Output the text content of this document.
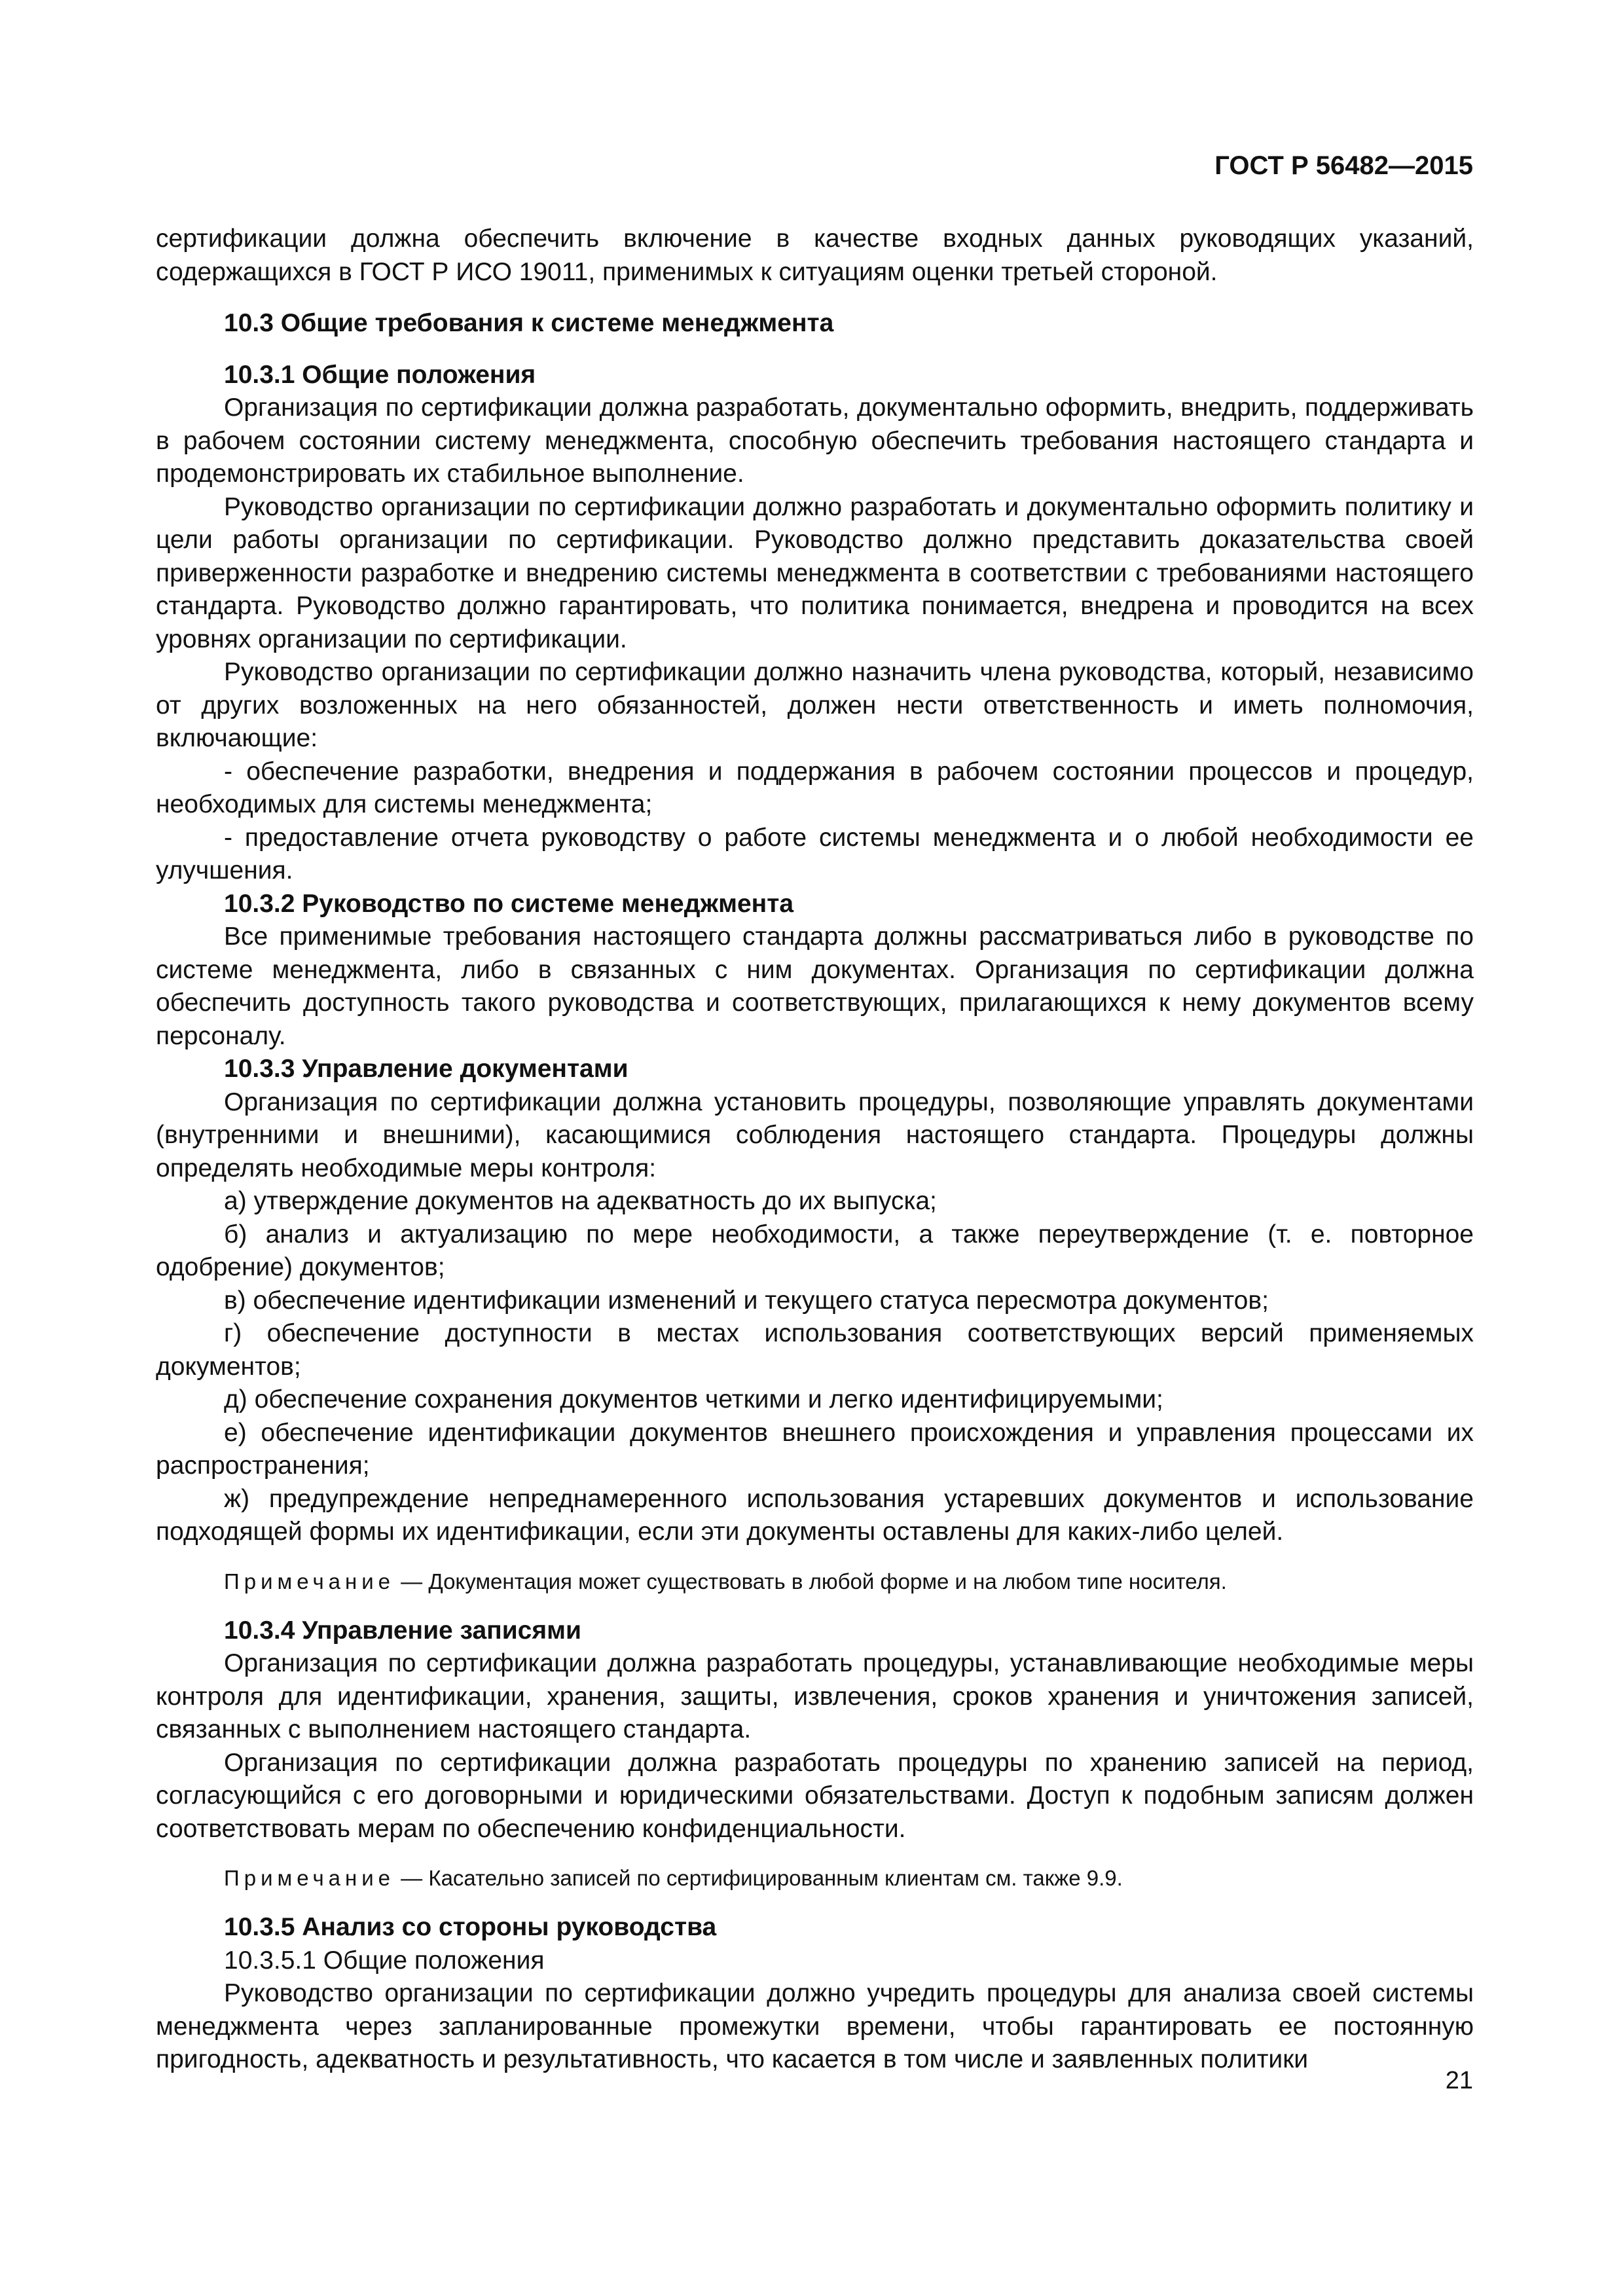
ГОСТ Р 56482—2015

сертификации должна обеспечить включение в качестве входных данных руководящих указаний, содержащихся в ГОСТ Р ИСО 19011, применимых к ситуациям оценки третьей стороной.

10.3 Общие требования к системе менеджмента
10.3.1 Общие положения

Организация по сертификации должна разработать, документально оформить, внедрить, поддерживать в рабочем состоянии систему менеджмента, способную обеспечить требования настоящего стандарта и продемонстрировать их стабильное выполнение.

Руководство организации по сертификации должно разработать и документально оформить политику и цели работы организации по сертификации. Руководство должно представить доказательства своей приверженности разработке и внедрению системы менеджмента в соответствии с требованиями настоящего стандарта. Руководство должно гарантировать, что политика понимается, внедрена и проводится на всех уровнях организации по сертификации.

Руководство организации по сертификации должно назначить члена руководства, который, независимо от других возложенных на него обязанностей, должен нести ответственность и иметь полномочия, включающие:

- обеспечение разработки, внедрения и поддержания в рабочем состоянии процессов и процедур, необходимых для системы менеджмента;

- предоставление отчета руководству о работе системы менеджмента и о любой необходимости ее улучшения.

10.3.2 Руководство по системе менеджмента

Все применимые требования настоящего стандарта должны рассматриваться либо в руководстве по системе менеджмента, либо в связанных с ним документах. Организация по сертификации должна обеспечить доступность такого руководства и соответствующих, прилагающихся к нему документов всему персоналу.

10.3.3 Управление документами

Организация по сертификации должна установить процедуры, позволяющие управлять документами (внутренними и внешними), касающимися соблюдения настоящего стандарта. Процедуры должны определять необходимые меры контроля:

а) утверждение документов на адекватность до их выпуска;

б) анализ и актуализацию по мере необходимости, а также переутверждение (т. е. повторное одобрение) документов;

в) обеспечение идентификации изменений и текущего статуса пересмотра документов;

г) обеспечение доступности в местах использования соответствующих версий применяемых документов;

д) обеспечение сохранения документов четкими и легко идентифицируемыми;

е) обеспечение идентификации документов внешнего происхождения и управления процессами их распространения;

ж) предупреждение непреднамеренного использования устаревших документов и использование подходящей формы их идентификации, если эти документы оставлены для каких-либо целей.

Примечание — Документация может существовать в любой форме и на любом типе носителя.

10.3.4 Управление записями

Организация по сертификации должна разработать процедуры, устанавливающие необходимые меры контроля для идентификации, хранения, защиты, извлечения, сроков хранения и уничтожения записей, связанных с выполнением настоящего стандарта.

Организация по сертификации должна разработать процедуры по хранению записей на период, согласующийся с его договорными и юридическими обязательствами. Доступ к подобным записям должен соответствовать мерам по обеспечению конфиденциальности.

Примечание — Касательно записей по сертифицированным клиентам см. также 9.9.

10.3.5 Анализ со стороны руководства
10.3.5.1 Общие положения

Руководство организации по сертификации должно учредить процедуры для анализа своей системы менеджмента через запланированные промежутки времени, чтобы гарантировать ее постоянную пригодность, адекватность и результативность, что касается в том числе и заявленных политики

21
